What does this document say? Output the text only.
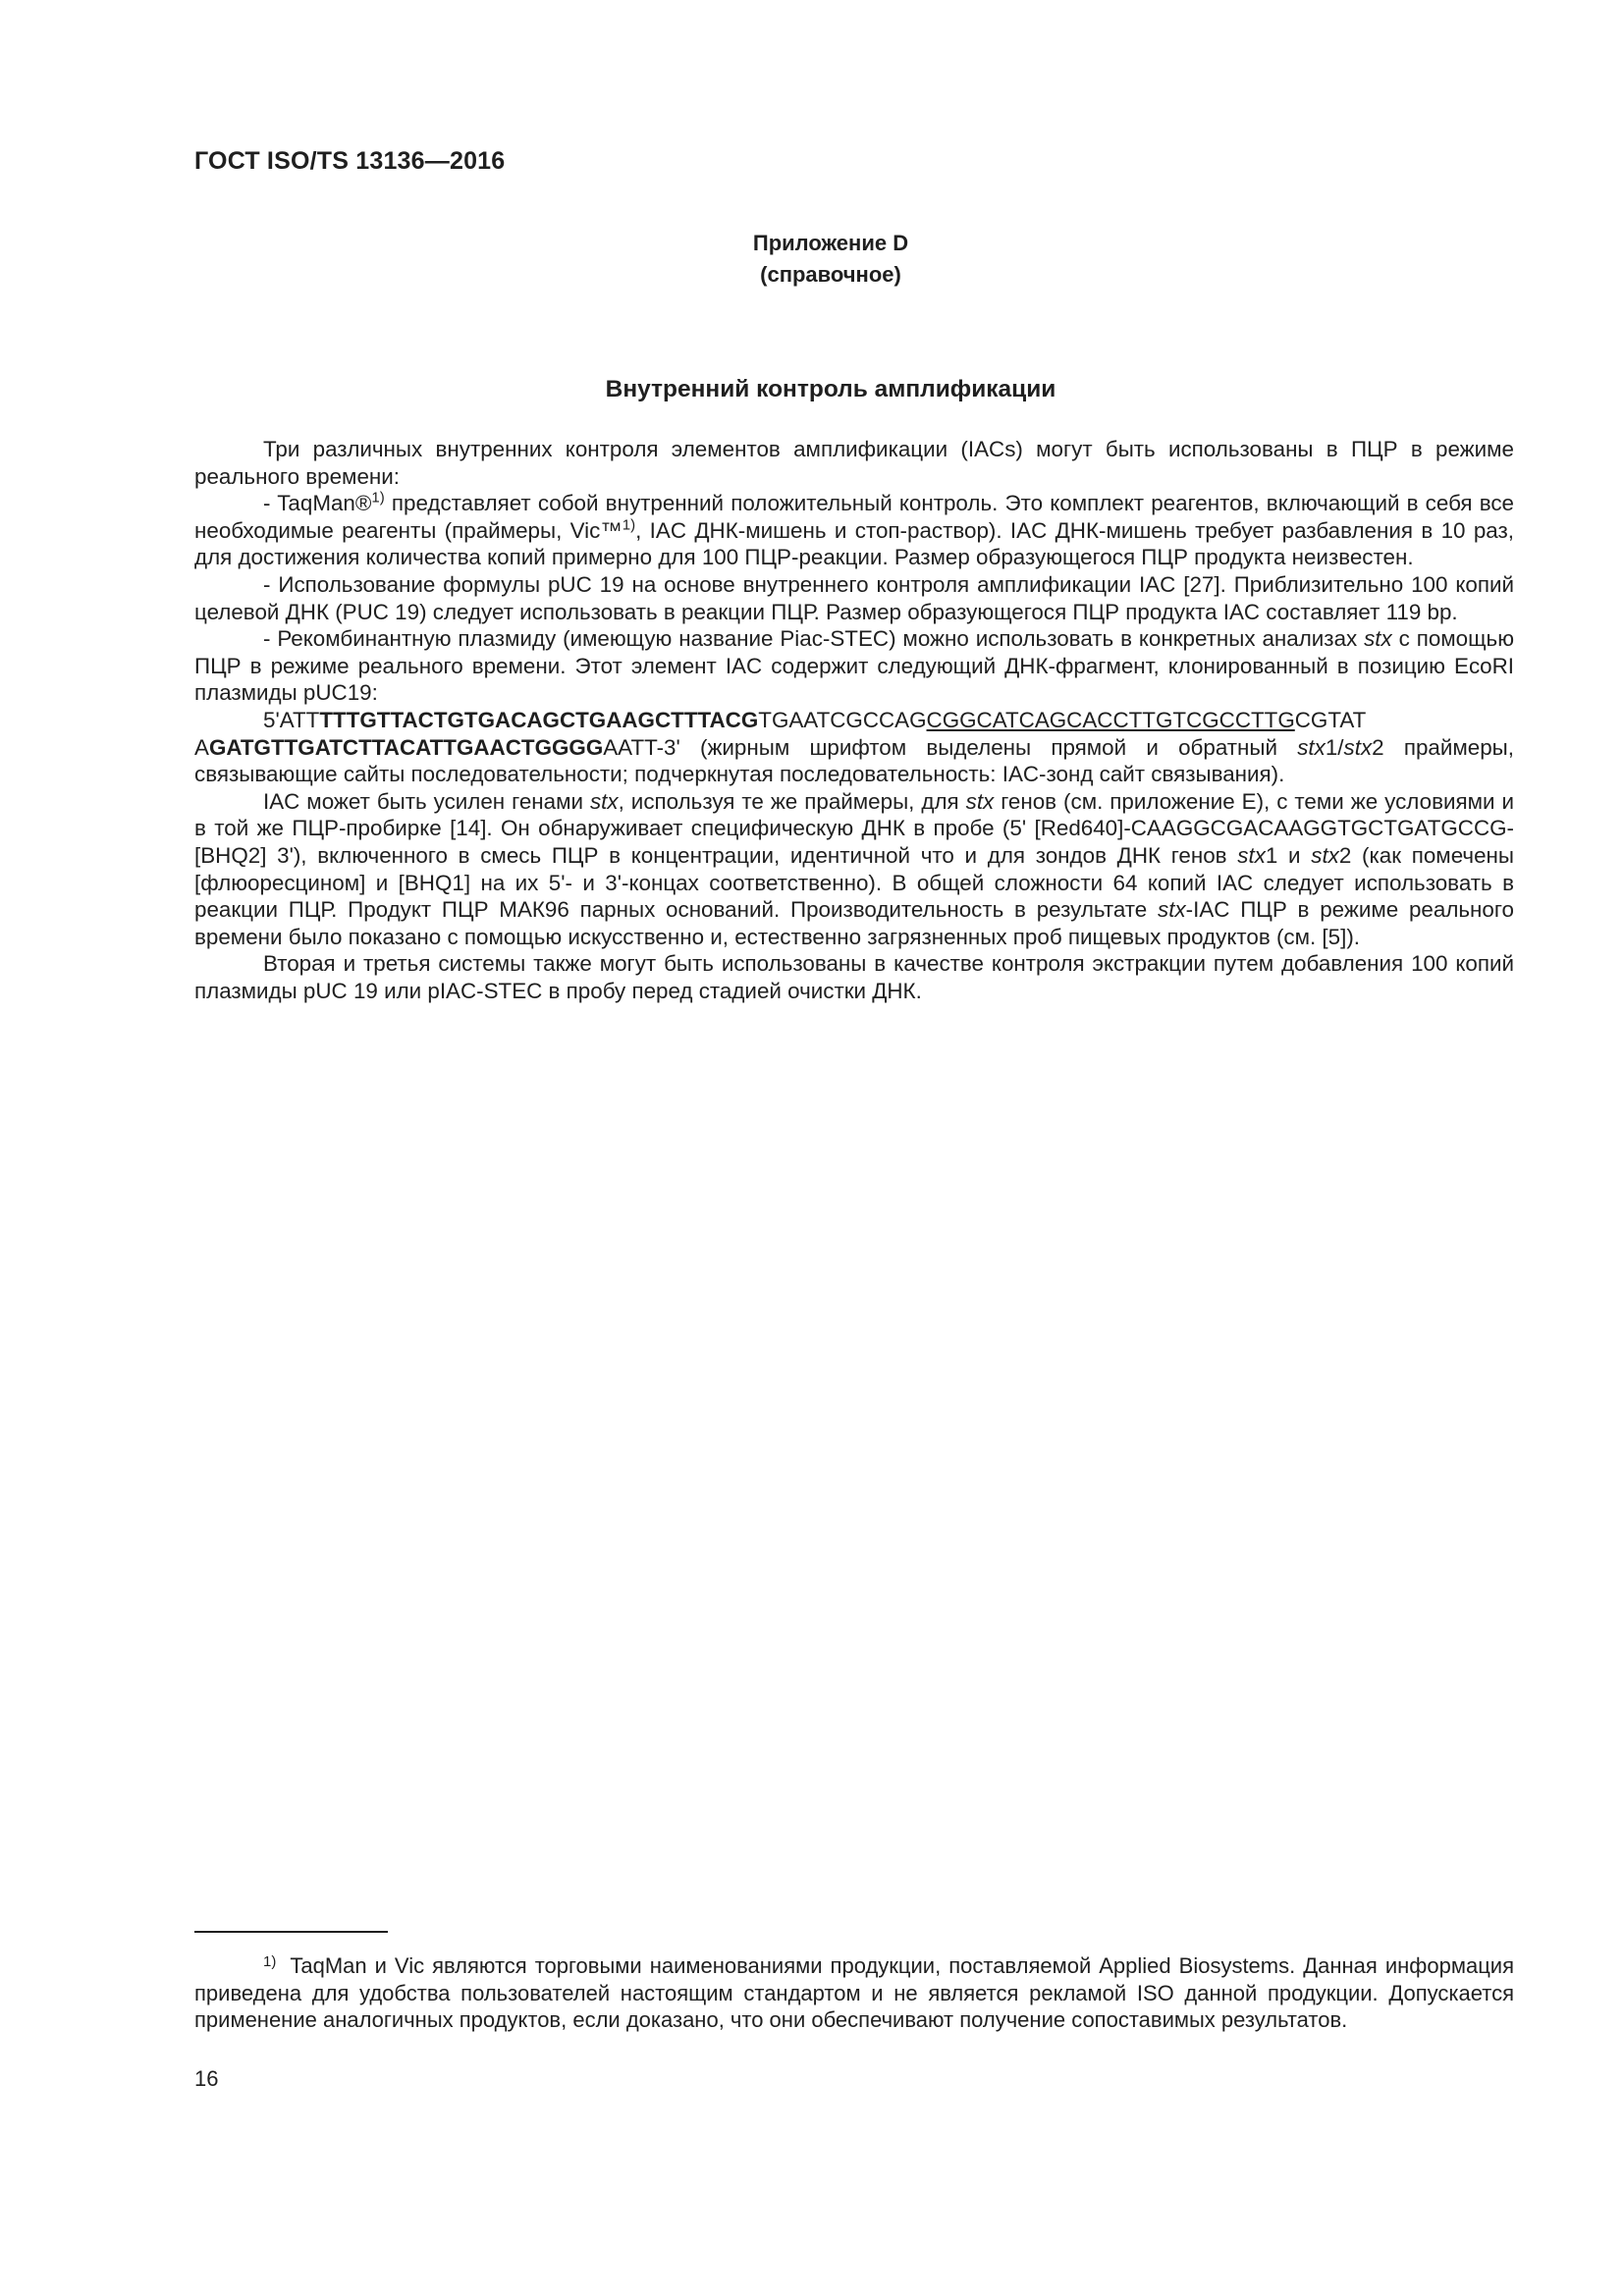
ГОСТ ISO/TS 13136—2016
Приложение D
(справочное)
Внутренний контроль амплификации

Три различных внутренних контроля элементов амплификации (IACs) могут быть использованы в ПЦР в режиме реального времени:

- TaqMan®$^{1)}$ представляет собой внутренний положительный контроль. Это комплект реагентов, включающий в себя все необходимые реагенты (праймеры, Vic™$^{1)}$, IAC ДНК-мишень и стоп-раствор). IAC ДНК-мишень требует разбавления в 10 раз, для достижения количества копий примерно для 100 ПЦР-реакции. Размер образующегося ПЦР продукта неизвестен.

- Использование формулы pUC 19 на основе внутреннего контроля амплификации IAC [27]. Приблизительно 100 копий целевой ДНК (PUC 19) следует использовать в реакции ПЦР. Размер образующегося ПЦР продукта IAC составляет 119 bp.

- Рекомбинантную плазмиду (имеющую название Piac-STEC) можно использовать в конкретных анализах stx с помощью ПЦР в режиме реального времени. Этот элемент IAC содержит следующий ДНК-фрагмент, клонированный в позицию EcoRI плазмиды pUC19:

5'ATTTTTGTTACTGTGACAGCTGAAGCTTTACGTGAATCGCCAGCGGCATCAGCACCTTGTCGCCTTGCGTAT

AGATGTTGATCTTACATTGAACTGGGGAATT-3' (жирным шрифтом выделены прямой и обратный stx1/stx2 праймеры, связывающие сайты последовательности; подчеркнутая последовательность: IAC-зонд сайт связывания).

IAC может быть усилен генами stx, используя те же праймеры, для stx генов (см. приложение Е), с теми же условиями и в той же ПЦР-пробирке [14]. Он обнаруживает специфическую ДНК в пробе (5' [Red640]-CAAGGCGACAAGGTGCTGATGCCG-[BHQ2] 3'), включенного в смесь ПЦР в концентрации, идентичной что и для зондов ДНК генов stx1 и stx2 (как помечены [флюоресцином] и [BHQ1] на их 5'- и 3'-концах соответственно). В общей сложности 64 копий IAC следует использовать в реакции ПЦР. Продукт ПЦР МАК96 парных оснований. Производительность в результате stx-IAC ПЦР в режиме реального времени было показано с помощью искусственно и, естественно загрязненных проб пищевых продуктов (см. [5]).

Вторая и третья системы также могут быть использованы в качестве контроля экстракции путем добавления 100 копий плазмиды pUC 19 или pIAC-STEC в пробу перед стадией очистки ДНК.

$^{1)}$ TaqMan и Vic являются торговыми наименованиями продукции, поставляемой Applied Biosystems. Данная информация приведена для удобства пользователей настоящим стандартом и не является рекламой ISO данной продукции. Допускается применение аналогичных продуктов, если доказано, что они обеспечивают получение сопоставимых результатов.

16
